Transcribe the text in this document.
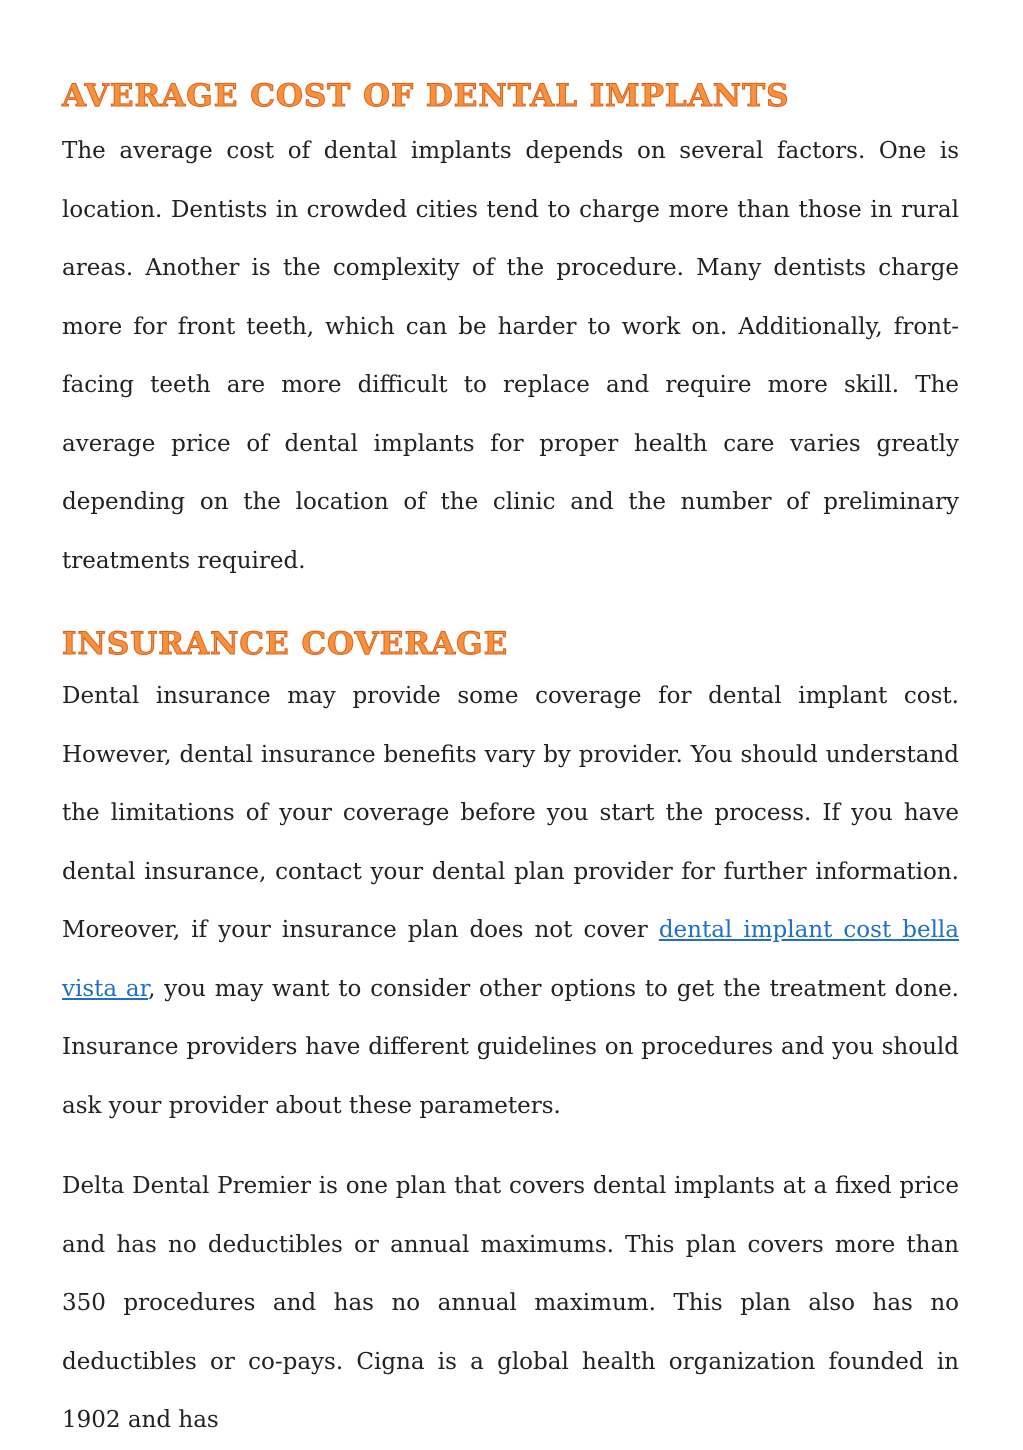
AVERAGE COST OF DENTAL IMPLANTS

The average cost of dental implants depends on several factors. One is location. Dentists in crowded cities tend to charge more than those in rural areas. Another is the complexity of the procedure. Many dentists charge more for front teeth, which can be harder to work on. Additionally, front-facing teeth are more difficult to replace and require more skill. The average price of dental implants for proper health care varies greatly depending on the location of the clinic and the number of preliminary treatments required.

INSURANCE COVERAGE

Dental insurance may provide some coverage for dental implant cost. However, dental insurance benefits vary by provider. You should understand the limitations of your coverage before you start the process. If you have dental insurance, contact your dental plan provider for further information. Moreover, if your insurance plan does not cover dental implant cost bella vista ar, you may want to consider other options to get the treatment done. Insurance providers have different guidelines on procedures and you should ask your provider about these parameters.

Delta Dental Premier is one plan that covers dental implants at a fixed price and has no deductibles or annual maximums. This plan covers more than 350 procedures and has no annual maximum. This plan also has no deductibles or co-pays. Cigna is a global health organization founded in 1902 and has
